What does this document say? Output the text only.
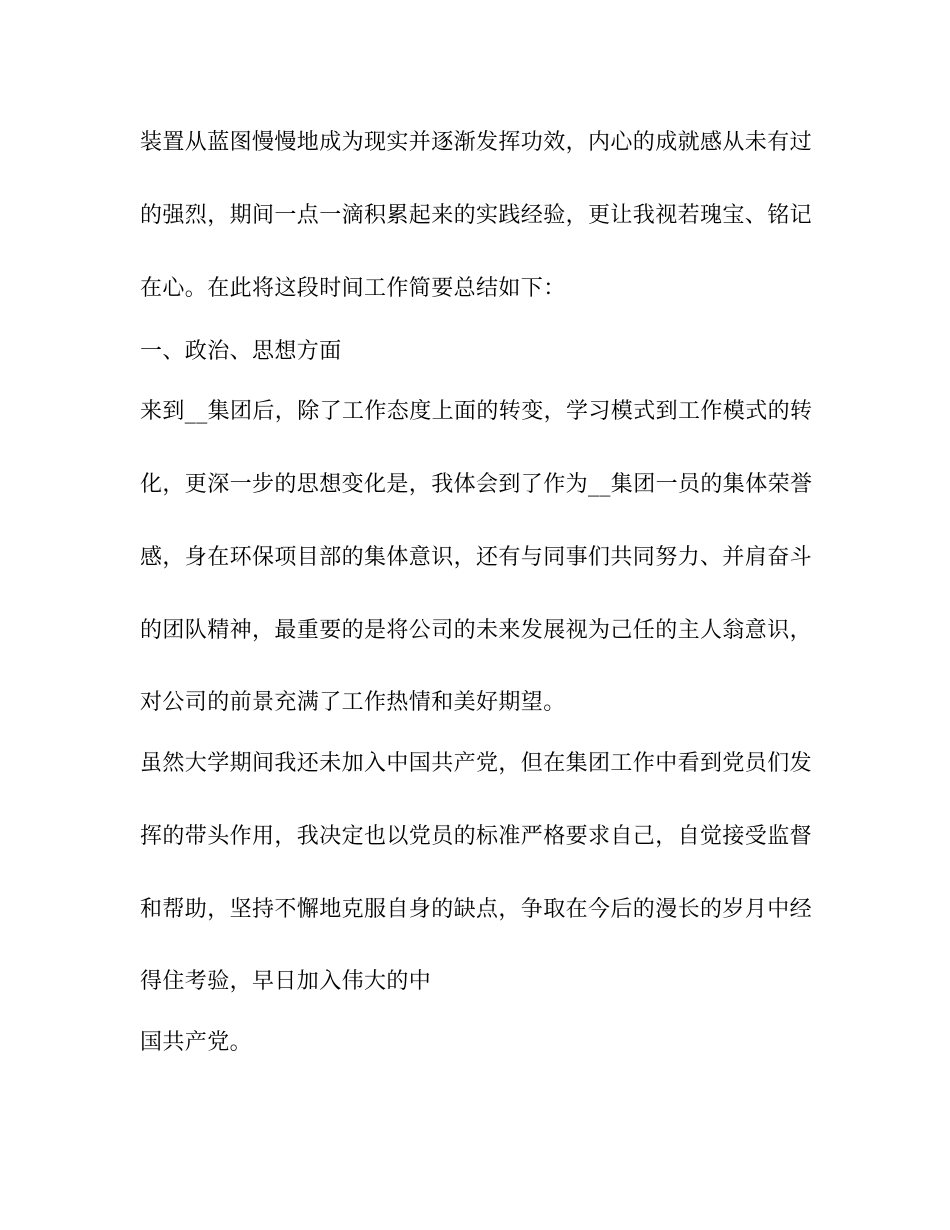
装置从蓝图慢慢地成为现实并逐渐发挥功效，内心的成就感从未有过
的强烈，期间一点一滴积累起来的实践经验，更让我视若瑰宝、铭记
在心。在此将这段时间工作简要总结如下：
一、政治、思想方面
来到__集团后，除了工作态度上面的转变，学习模式到工作模式的转
化，更深一步的思想变化是，我体会到了作为__集团一员的集体荣誉
感，身在环保项目部的集体意识，还有与同事们共同努力、并肩奋斗
的团队精神，最重要的是将公司的未来发展视为己任的主人翁意识，
对公司的前景充满了工作热情和美好期望。
虽然大学期间我还未加入中国共产党，但在集团工作中看到党员们发
挥的带头作用，我决定也以党员的标准严格要求自己，自觉接受监督
和帮助，坚持不懈地克服自身的缺点，争取在今后的漫长的岁月中经
得住考验，早日加入伟大的中
国共产党。
